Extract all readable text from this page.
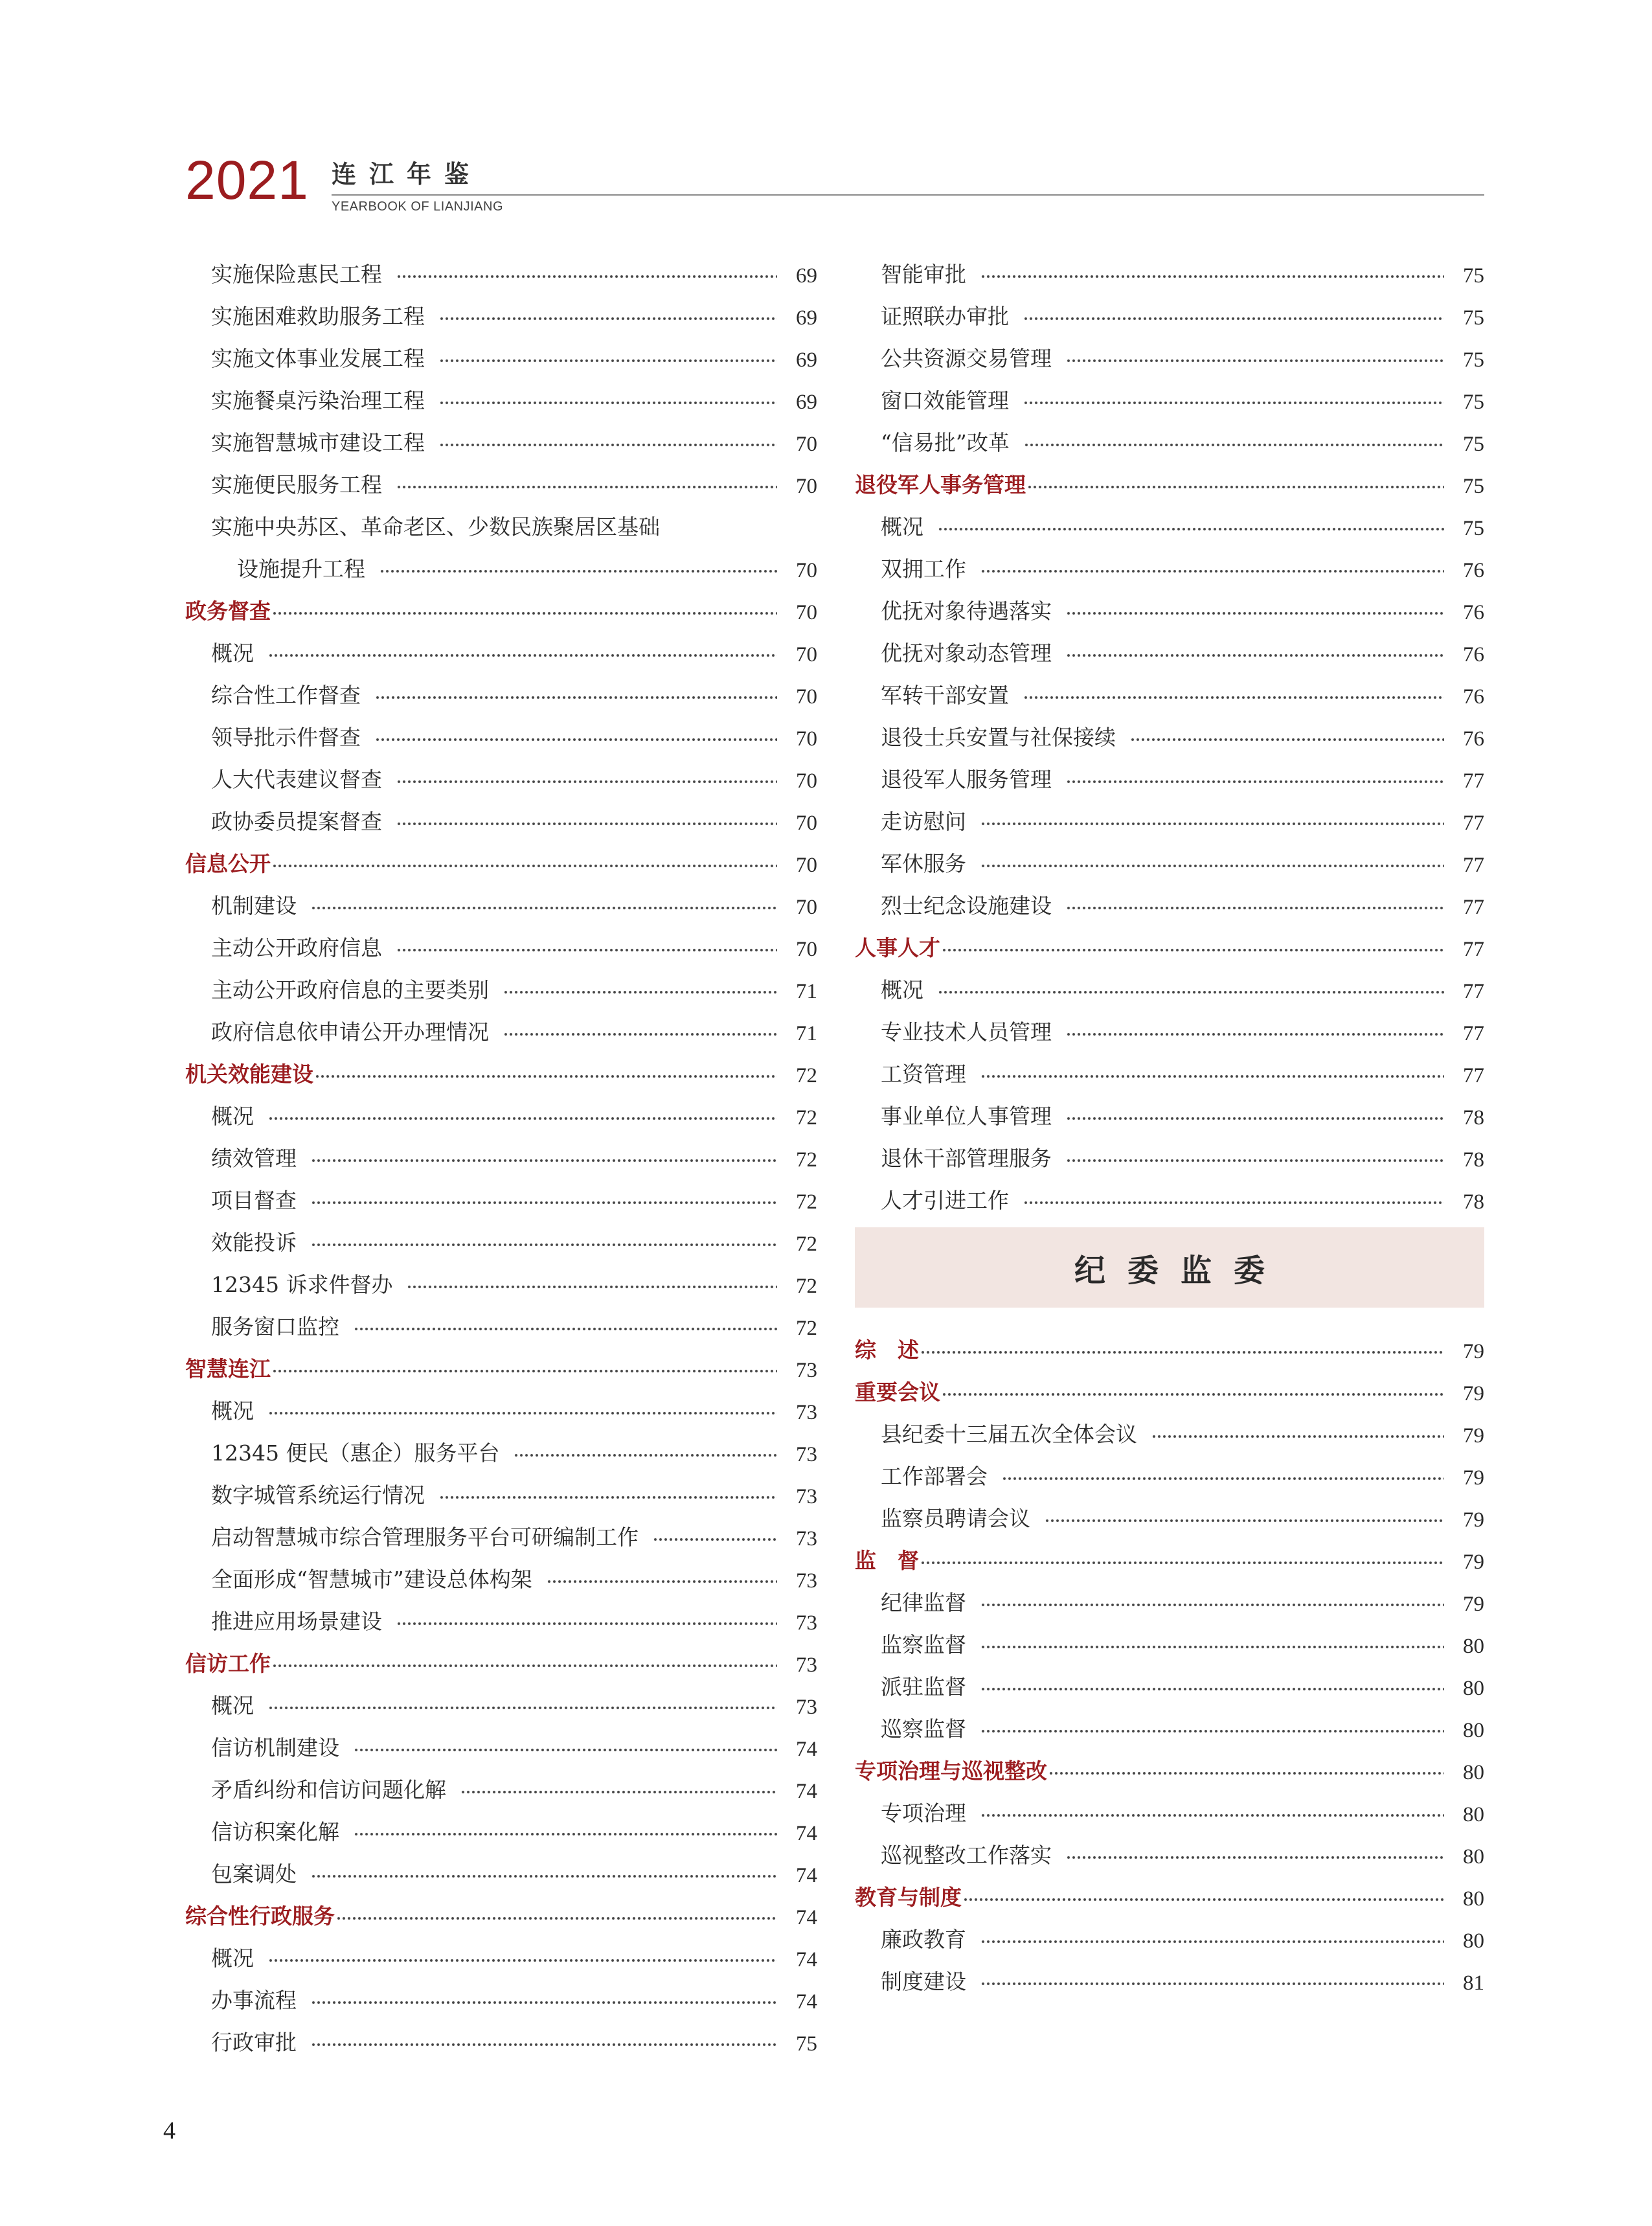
2021 连江年鉴
YEARBOOK OF LIANJIANG
实施保险惠民工程	69
实施困难救助服务工程	69
实施文体事业发展工程	69
实施餐桌污染治理工程	69
实施智慧城市建设工程	70
实施便民服务工程	70
实施中央苏区、革命老区、少数民族聚居区基础
设施提升工程	70
政务督查	70
概况	70
综合性工作督查	70
领导批示件督查	70
人大代表建议督查	70
政协委员提案督查	70
信息公开	70
机制建设	70
主动公开政府信息	70
主动公开政府信息的主要类别	71
政府信息依申请公开办理情况	71
机关效能建设	72
概况	72
绩效管理	72
项目督查	72
效能投诉	72
12345 诉求件督办	72
服务窗口监控	72
智慧连江	73
概况	73
12345 便民（惠企）服务平台	73
数字城管系统运行情况	73
启动智慧城市综合管理服务平台可研编制工作	73
全面形成“智慧城市”建设总体构架	73
推进应用场景建设	73
信访工作	73
概况	73
信访机制建设	74
矛盾纠纷和信访问题化解	74
信访积案化解	74
包案调处	74
综合性行政服务	74
概况	74
办事流程	74
行政审批	75
智能审批	75
证照联办审批	75
公共资源交易管理	75
窗口效能管理	75
“信易批”改革	75
退役军人事务管理	75
概况	75
双拥工作	76
优抚对象待遇落实	76
优抚对象动态管理	76
军转干部安置	76
退役士兵安置与社保接续	76
退役军人服务管理	77
走访慰问	77
军休服务	77
烈士纪念设施建设	77
人事人才	77
概况	77
专业技术人员管理	77
工资管理	77
事业单位人事管理	78
退休干部管理服务	78
人才引进工作	78
纪委监委
综　述	79
重要会议	79
县纪委十三届五次全体会议	79
工作部署会	79
监察员聘请会议	79
监　督	79
纪律监督	79
监察监督	80
派驻监督	80
巡察监督	80
专项治理与巡视整改	80
专项治理	80
巡视整改工作落实	80
教育与制度	80
廉政教育	80
制度建设	81
4
